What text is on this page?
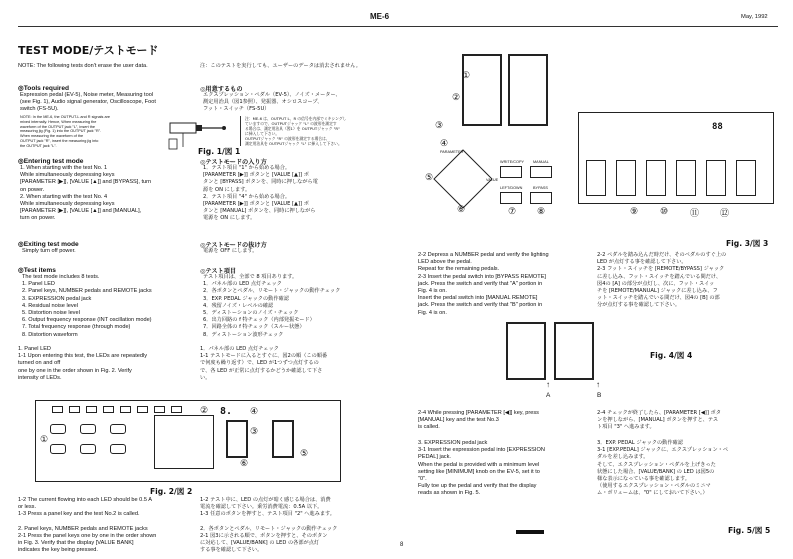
ME-6	May, 1992
TEST MODE/テストモード
NOTE: The following tests don't erase the user data.	注：このテストを実行しても、ユーザーのデータは消去されません。
◎Tools required
Expression pedal (EV-5), Noise meter, Measuring tool
(see Fig. 1), Audio signal generator, Oscilloscope, Foot
switch (FS-5U).
NOTE: In the ME-6, the OUTPUT-L and R signals are
mixed internally. Hence, When measuring the
waveform of the OUTPUT jack "L", insert the
measuring jig (Fig. 1) into the OUTPUT jack "R".
When measuring the waveform of the
OUTPUT jack "R", insert the measuring jig into
the OUTPUT jack "L".
◎用意するもの
エクスプレッション・ペダル（EV-5）、ノイズ・メーター、
測定用治具（図1参照）、発振器、オシロスコープ、
フット・スイッチ（FS-5U）
注：ME-6 は、OUTPUT L、R の信号を内部でミキシングし
ていますので、OUTPUTジャック "L" の波形を測定す
る場合は、測定用治具（図1）を OUTPUTジャック "R"
に挿入して下さい。
OUTPUTジャック "R" の波形を測定する場合は、
測定用治具を OUTPUTジャック "L" に挿入して下さい。
Fig. 1/図 1
◎Entering test mode
1. When starting with the test No. 1
While simultaneously depressing keys
[PARAMETER [▶]], [VALUE [▲]] and [BYPASS], turn
on power.
2. When starting with the test No. 4
While simultaneously depressing keys
[PARAMETER [▶]], [VALUE [▲]] and [MANUAL],
turn on power.
◎テストモードの入り方
1．テスト項目 "1" から始める場合。
[PARAMETER [▶]] ボタンと [VALUE [▲]] ボ
タンと [BYPASS] ボタンを、同時に押しながら電
源を ON にします。
2．テスト項目 "4" から始める場合。
[PARAMETER [▶]] ボタンと [VALUE [▲]] ボ
タンと [MANUAL] ボタンを、同時に押しながら
電源を ON にします。
◎Exiting test mode
Simply turn off power.
◎テストモードの抜け方
電源を OFF にします。
◎Test items
The test mode includes 8 tests.
1. Panel LED
2. Panel keys, NUMBER pedals and REMOTE jacks
3. EXPRESSION pedal jack
4. Residual noise level
5. Distortion noise level
6. Output frequency response (INT oscillation mode)
7. Total frequency response (through mode)
8. Distortion waveform
◎テスト項目
テスト項目は、全部で 8 項目あります。
1．パネル部の LED 点灯チェック
2．各ボタンとペダル、リモート・ジャックの動作チェック
3．EXP. PEDAL ジャックの動作確認
4．残留ノイズ・レベルの確認
5．ディストーションのノイズ・チェック
6．出力回路の f 特チェック（内部発振モード）
7．回路全体の f 特チェック（スルー状態）
8．ディストーション波形チェック
1. Panel LED
1-1 Upon entering this test, the LEDs are repeatedly
turned on and off
one by one in the order shown in Fig. 2. Verify
intensity of LEDs.
1．パネル部の LED 点灯チェック
1-1 テストモードに入るとすぐに、図2の順（この順番
で何度も繰り返す）で、LED が1つずつ点灯するの
で、各 LED が正常に点灯するかどうか確認して下さ
い。
8.
①
②
③
④
⑤
⑥
Fig. 2/図 2
1-2 The current flowing into each LED should be 0.5 A
or less.
1-3 Press a panel key and the test No.2 is called.

2. Panel keys, NUMBER pedals and REMOTE jacks
2-1 Press the panel keys one by one in the order shown
in Fig. 3. Verify that the display [VALUE BANK]
indicates the key being pressed.
1-2 テスト中に、LED の点灯が暗く感じる場合は、消費
電流を確認して下さい。乗労消費電流：0.5A 以下。
1-3 任意のボタンを押すと、テスト項目 "2" へ進みます。

2．各ボタンとペダル、リモート・ジャックの動作チェック
2-1 図3に示される順で、ボタンを押すと、そのボタン
に対応して、[VALUE/BANK] の LED の各部が点灯
する事を確認して下さい。
8
①
②
③
④
PARAMETER
⑤
⑥
VALUE
WRITE/COPY MANUAL
LEFT/DOWN	BYPASS
⑦ ⑧
88
⑨ ⑩ ⑪ ⑫
Fig. 3/図 3
2-2 Depress a NUMBER pedal and verify the lighting
LED above the pedal.
Repeat for the remaining pedals.
2-3 Insert the pedal switch into [BYPASS REMOTE]
jack. Press the switch and verify that "A" portion in
Fig. 4 is on.
Insert the pedal switch into [MANUAL REMOTE]
jack. Press the switch and verify that "B" portion in
Fig. 4 is on.
2-2 ペダルを踏み込んだ時だけ、そのペダルのすぐ上の
LED が点灯する事を確認して下さい。
2-3 フット・スイッチを [REMOTE/BYPASS] ジャック
に差し込み、フット・スイッチを踏んでいる間だけ、
図4の [A] の部分が点灯し、次に、フット・スイッ
チを [REMOTE/MANUAL] ジャックに差し込み、フ
ット・スイッチを踏んでいる間だけ、図4の [B] の部
分が点灯する事を確認して下さい。
↑	↑
A	B
Fig. 4/図 4
2-4 While pressing [PARAMETER [◀]] key, press
[MANUAL] key and the test No.3
is called.
2-4 チェックが終了したら、[PARAMETER [◀]] ボタ
ンを押しながら、[MANUAL] ボタンを押すと、テス
ト項目 "3" へ進みます。
3. EXPRESSION pedal jack
3-1 Insert the expression pedal into [EXPRESSION
PEDAL] jack.
When the pedal is provided with a minimum level
setting like [MINIMUM] knob on the EV-5, set it to
"0".
Fully toe up the pedal and verify that the display
reads as shown in Fig. 5.
3．EXP. PEDAL ジャックの動作確認
3-1 [EXP.PEDAL] ジャックに、エクスプレッション・ペ
ダルを差し込みます。
そして、エクスプレッション・ペダルを上げきった
状態にした場合、[VALUE/BANK] の LED は図5の
様な表示になっている事を確認します。
（使用するエクスプレッション・ペダルのミニマ
ム・ボリュームは、"0" にしておいて下さい。）
Fig. 5/図 5
